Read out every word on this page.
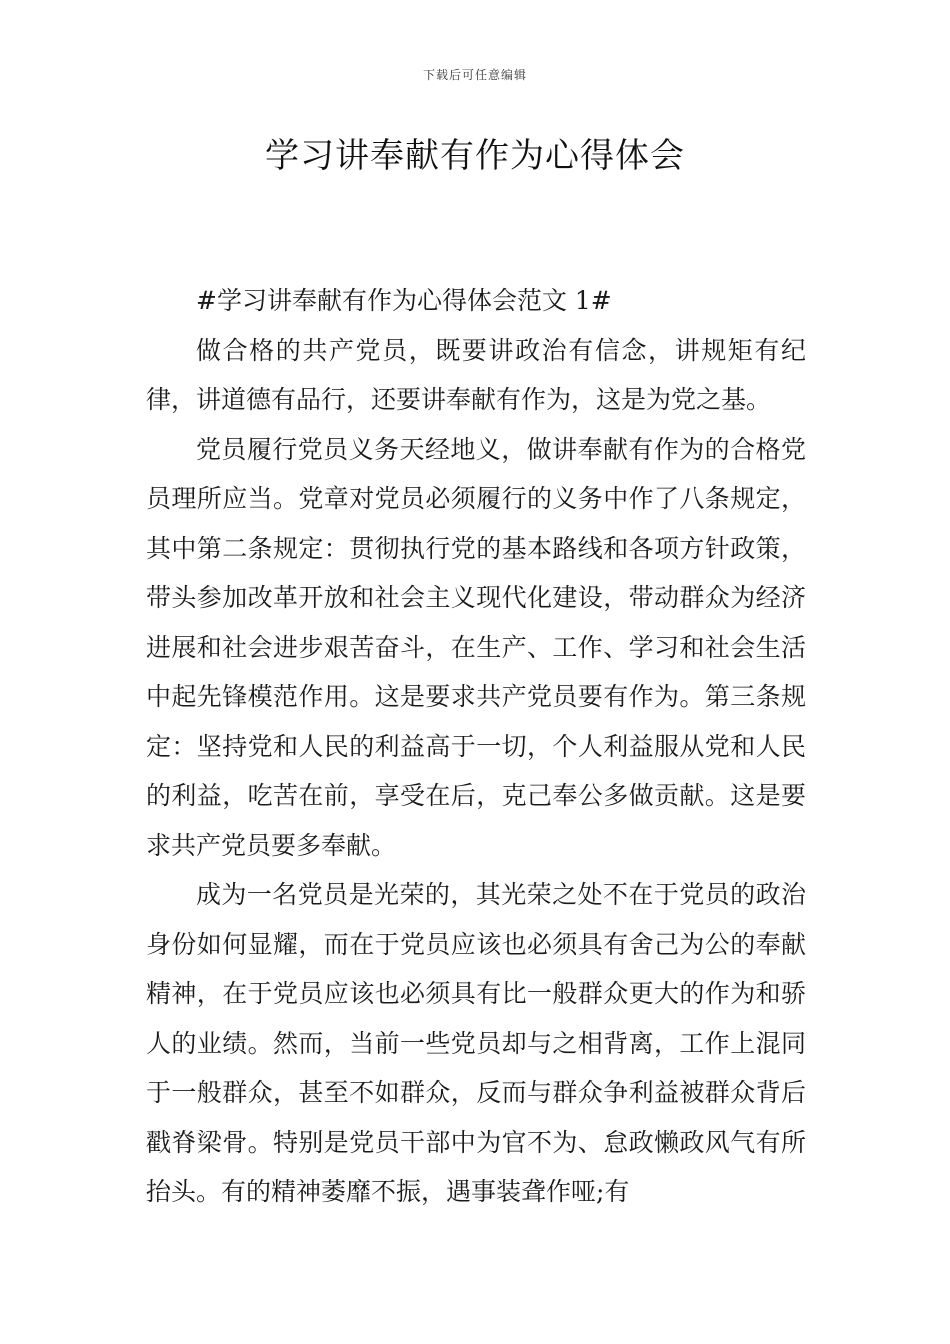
下载后可任意编辑
学习讲奉献有作为心得体会

#学习讲奉献有作为心得体会范文 1#

做合格的共产党员，既要讲政治有信念，讲规矩有纪律，讲道德有品行，还要讲奉献有作为，这是为党之基。

党员履行党员义务天经地义，做讲奉献有作为的合格党员理所应当。党章对党员必须履行的义务中作了八条规定，其中第二条规定：贯彻执行党的基本路线和各项方针政策，带头参加改革开放和社会主义现代化建设，带动群众为经济进展和社会进步艰苦奋斗，在生产、工作、学习和社会生活中起先锋模范作用。这是要求共产党员要有作为。第三条规定：坚持党和人民的利益高于一切，个人利益服从党和人民的利益，吃苦在前，享受在后，克己奉公多做贡献。这是要求共产党员要多奉献。

成为一名党员是光荣的，其光荣之处不在于党员的政治身份如何显耀，而在于党员应该也必须具有舍己为公的奉献精神，在于党员应该也必须具有比一般群众更大的作为和骄人的业绩。然而，当前一些党员却与之相背离，工作上混同于一般群众，甚至不如群众，反而与群众争利益被群众背后戳脊梁骨。特别是党员干部中为官不为、怠政懒政风气有所抬头。有的精神萎靡不振，遇事装聋作哑;有
